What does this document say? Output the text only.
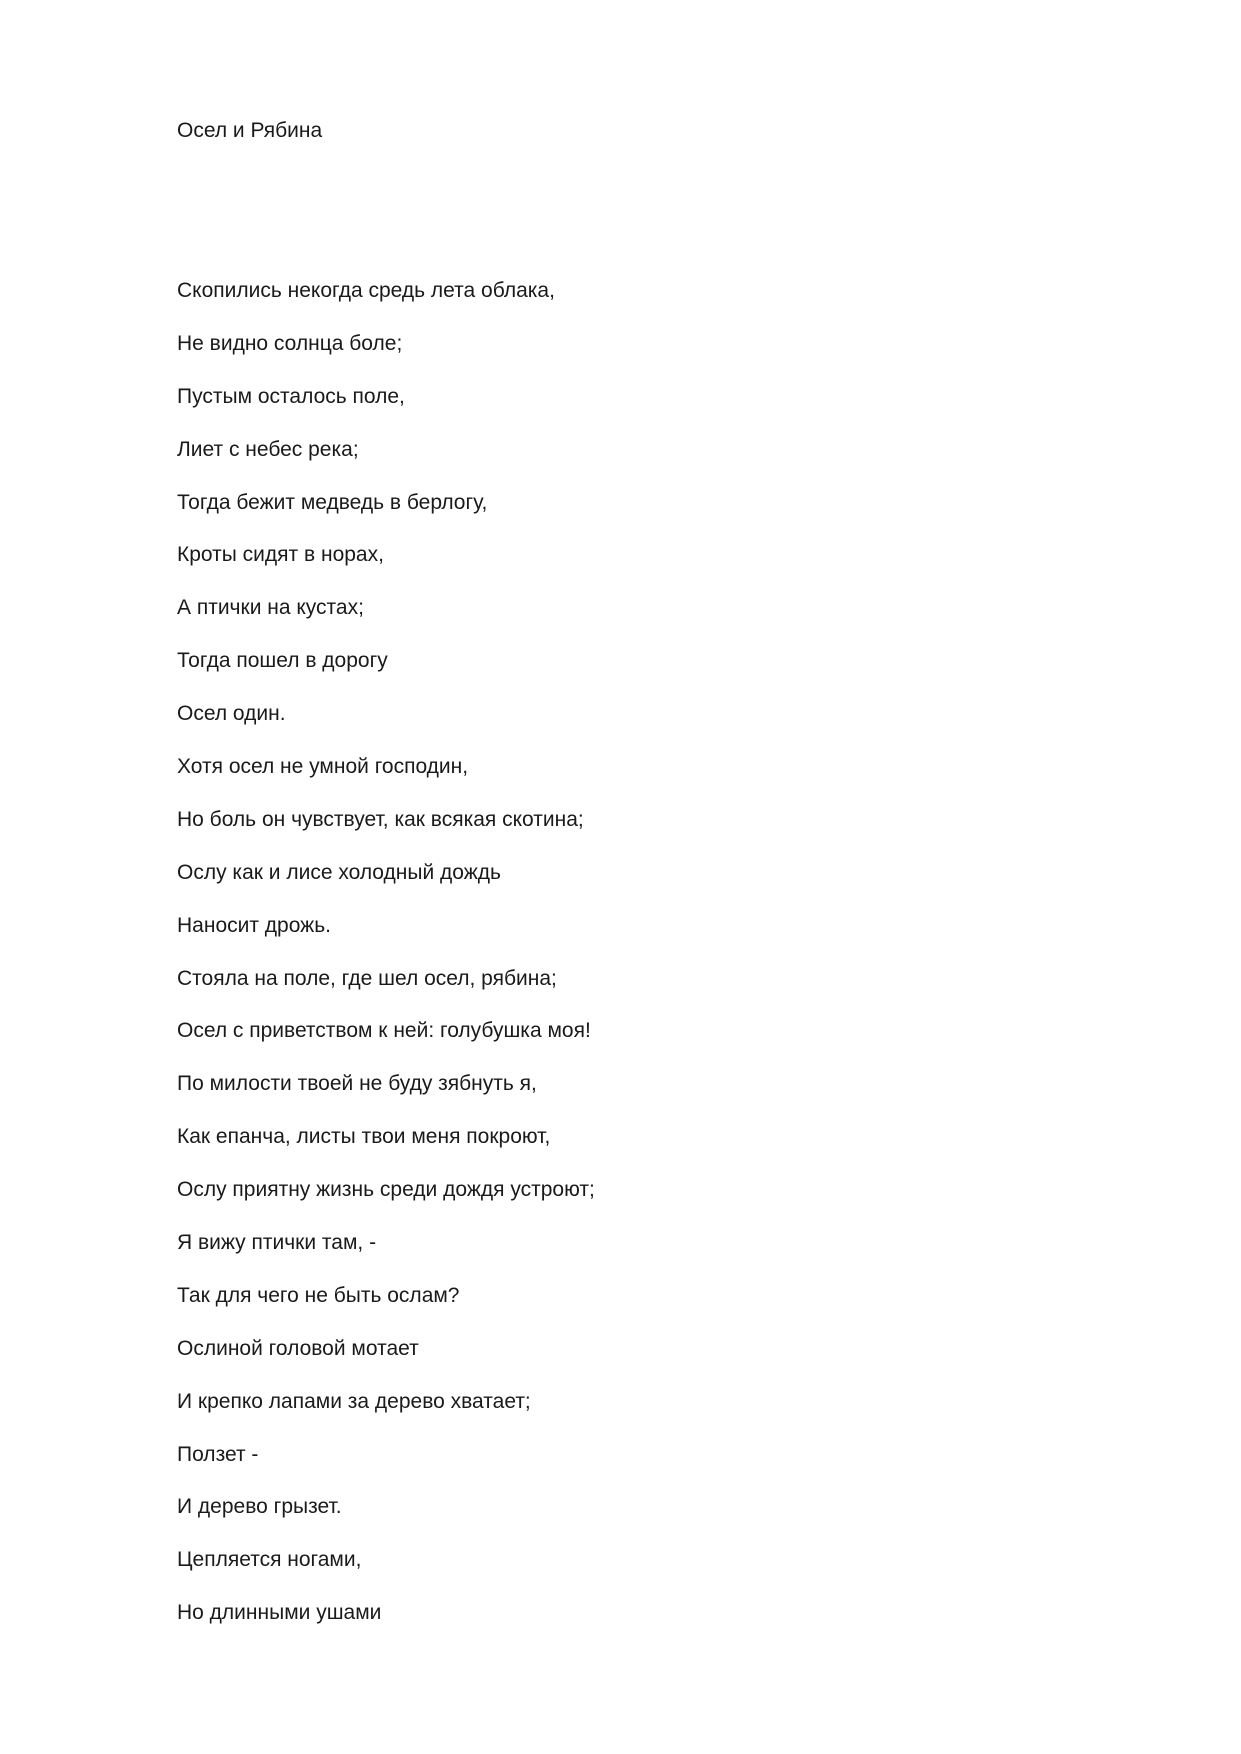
Осел и Рябина
Скопились некогда средь лета облака,
Не видно солнца боле;
Пустым осталось поле,
Лиет с небес река;
Тогда бежит медведь в берлогу,
Кроты сидят в норах,
А птички на кустах;
Тогда пошел в дорогу
Осел один.
Хотя осел не умной господин,
Но боль он чувствует, как всякая скотина;
Ослу как и лисе холодный дождь
Наносит дрожь.
Стояла на поле, где шел осел, рябина;
Осел с приветством к ней: голубушка моя!
По милости твоей не буду зябнуть я,
Как епанча, листы твои меня покроют,
Ослу приятну жизнь среди дождя устроют;
Я вижу птички там, -
Так для чего не быть ослам?
Ослиной головой мотает
И крепко лапами за дерево хватает;
Ползет -
И дерево грызет.
Цепляется ногами,
Но длинными ушами
